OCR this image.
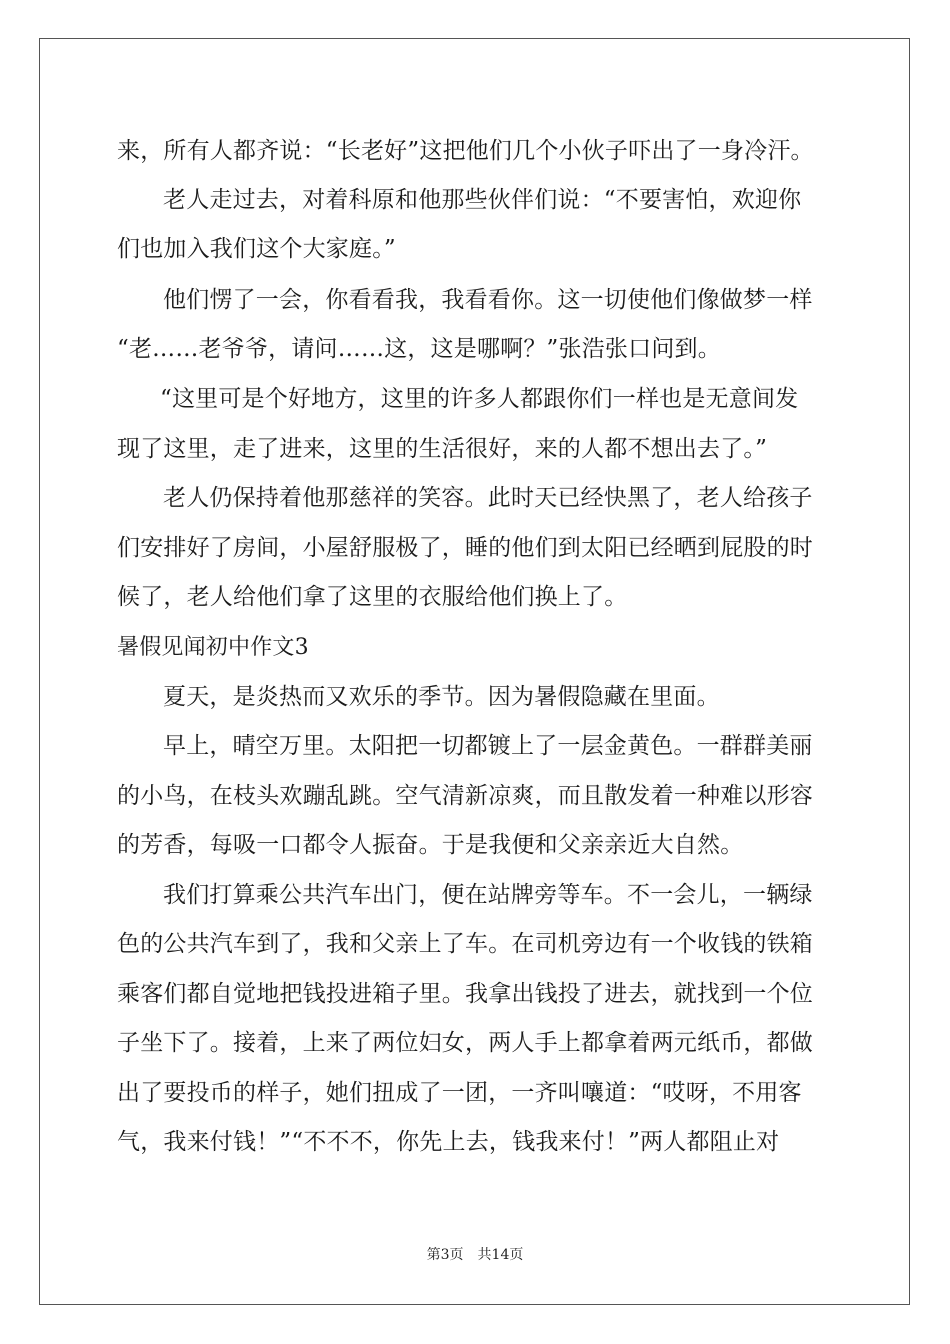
来，所有人都齐说：“长老好”这把他们几个小伙子吓出了一身冷汗。
老人走过去，对着科原和他那些伙伴们说：“不要害怕，欢迎你
们也加入我们这个大家庭。”
他们愣了一会，你看看我，我看看你。这一切使他们像做梦一样
“老……老爷爷，请问……这，这是哪啊？”张浩张口问到。
“这里可是个好地方，这里的许多人都跟你们一样也是无意间发
现了这里，走了进来，这里的生活很好，来的人都不想出去了。”
老人仍保持着他那慈祥的笑容。此时天已经快黑了，老人给孩子
们安排好了房间，小屋舒服极了，睡的他们到太阳已经晒到屁股的时
候了，老人给他们拿了这里的衣服给他们换上了。
暑假见闻初中作文3
夏天，是炎热而又欢乐的季节。因为暑假隐藏在里面。
早上，晴空万里。太阳把一切都镀上了一层金黄色。一群群美丽
的小鸟，在枝头欢蹦乱跳。空气清新凉爽，而且散发着一种难以形容
的芳香，每吸一口都令人振奋。于是我便和父亲亲近大自然。
我们打算乘公共汽车出门，便在站牌旁等车。不一会儿，一辆绿
色的公共汽车到了，我和父亲上了车。在司机旁边有一个收钱的铁箱
乘客们都自觉地把钱投进箱子里。我拿出钱投了进去，就找到一个位
子坐下了。接着，上来了两位妇女，两人手上都拿着两元纸币，都做
出了要投币的样子，她们扭成了一团，一齐叫嚷道：“哎呀，不用客
气，我来付钱！”“不不不，你先上去，钱我来付！”两人都阻止对
第3页 共14页
